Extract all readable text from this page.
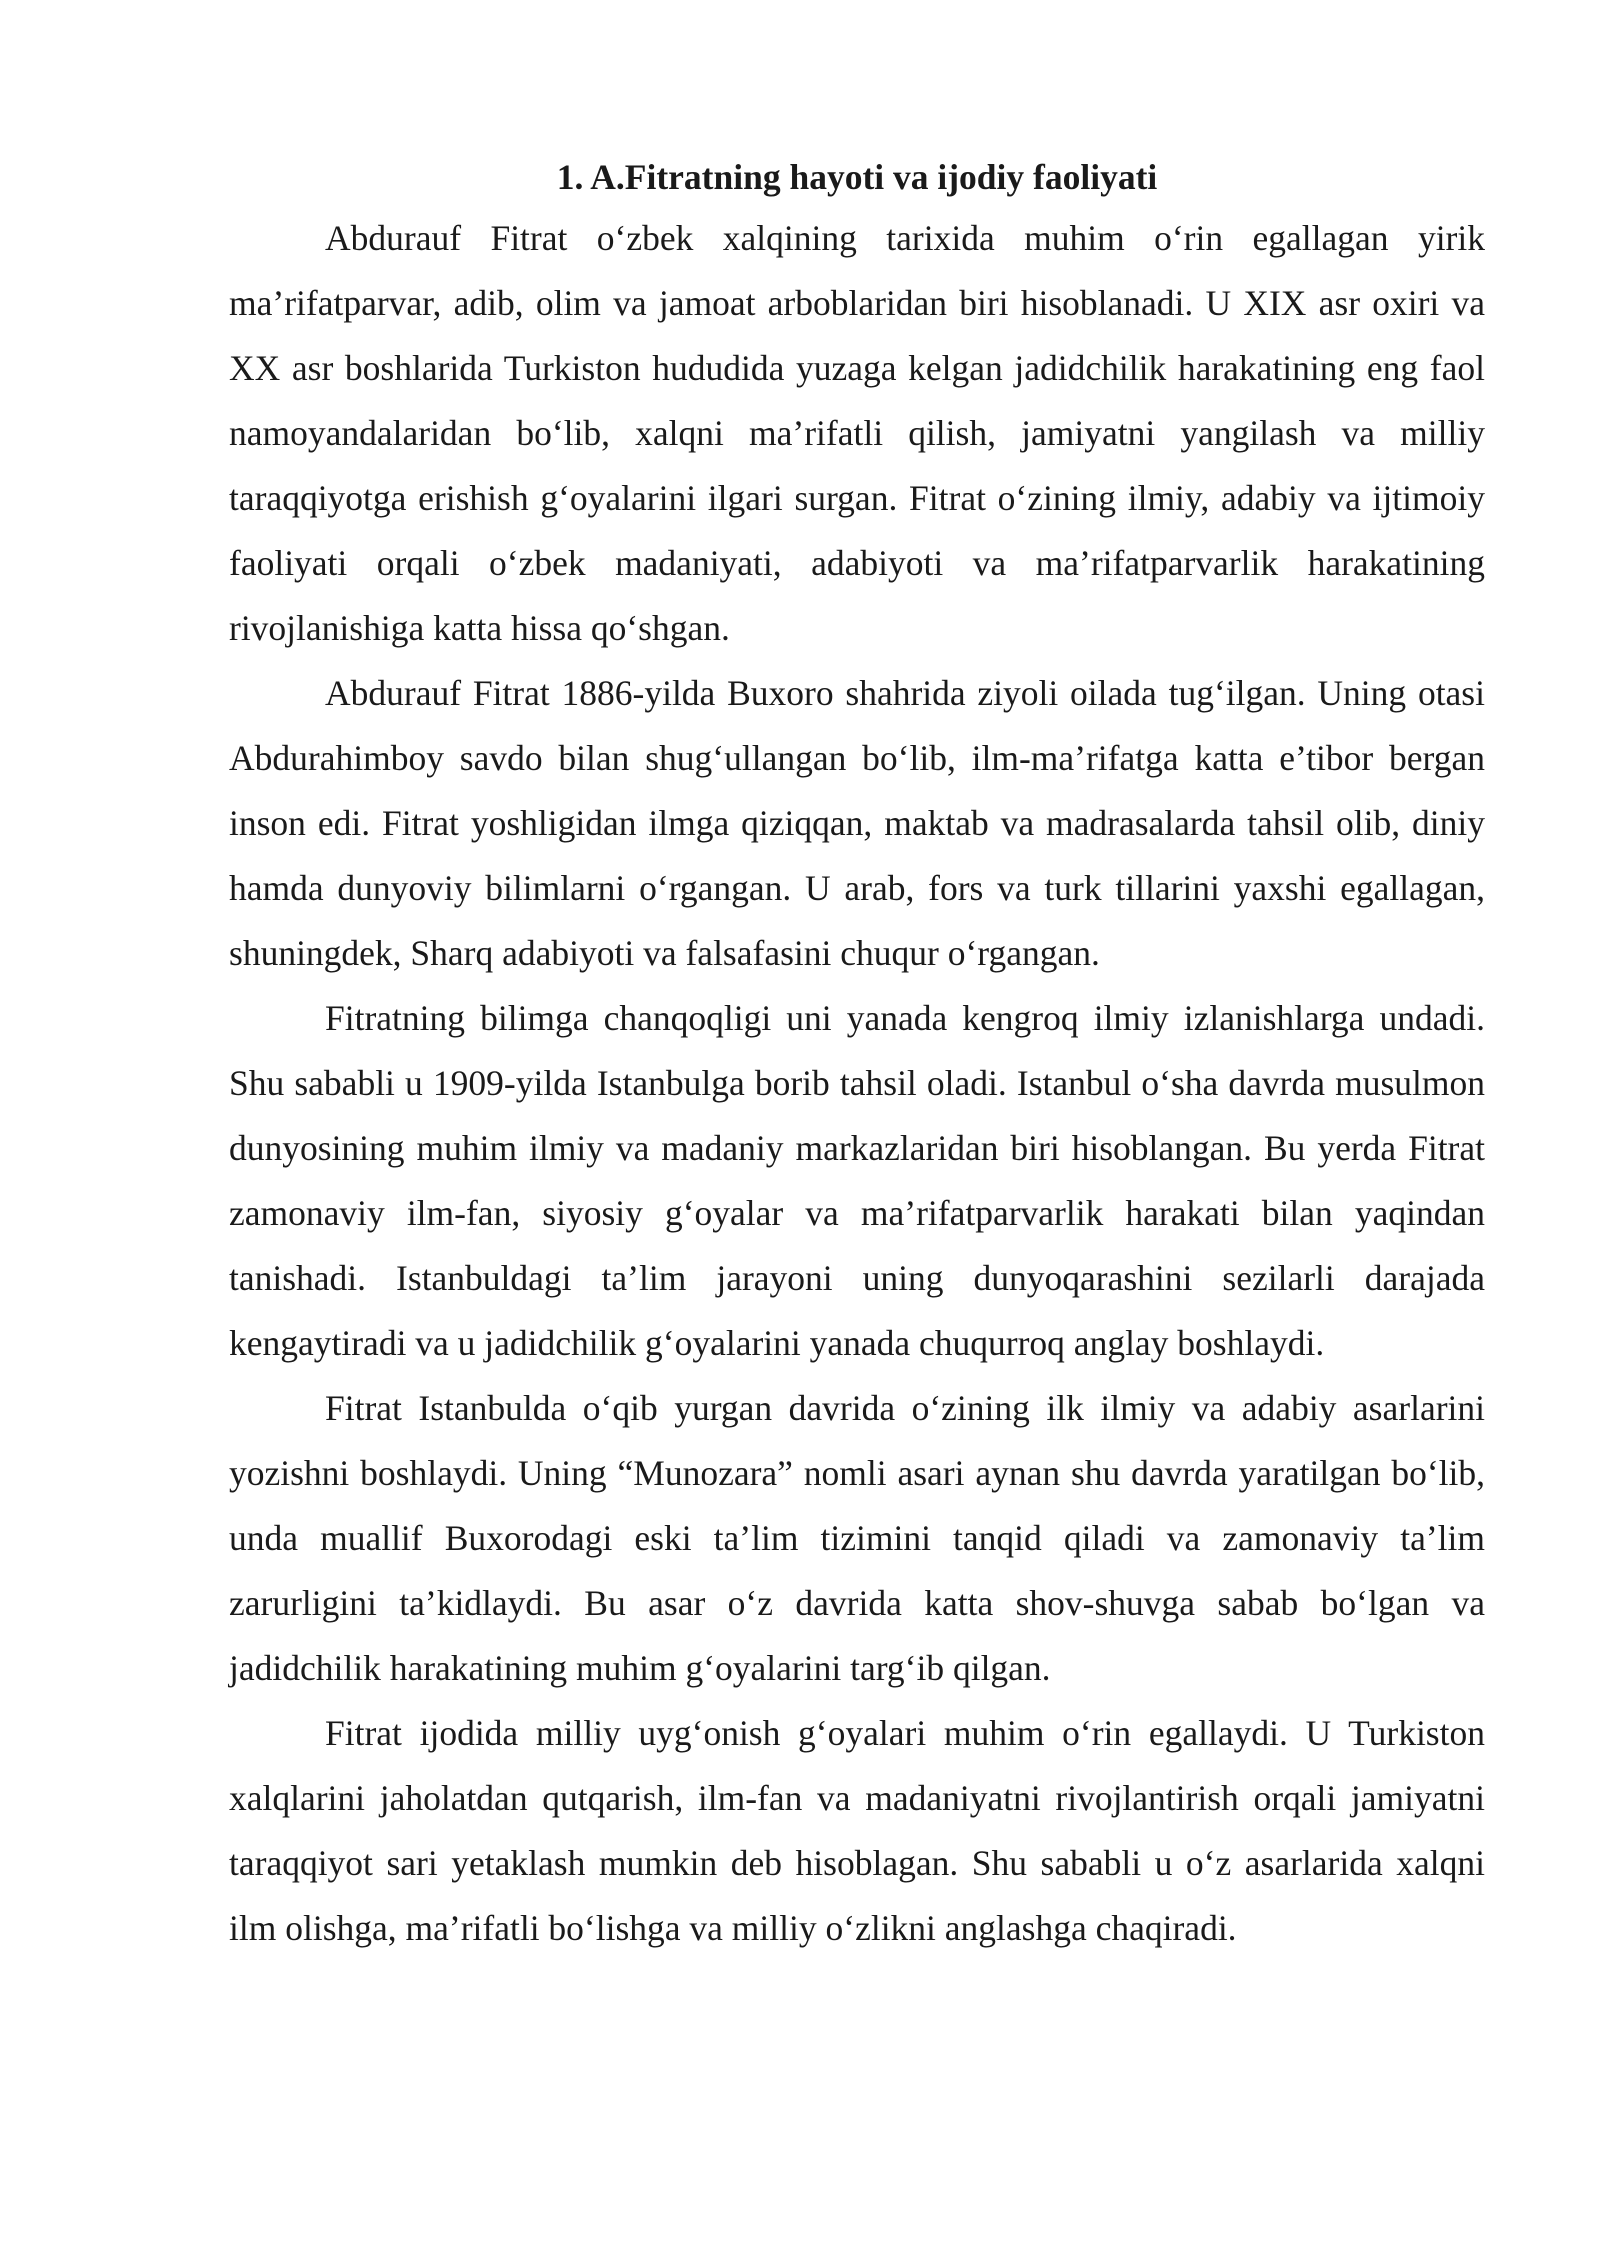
1. A.Fitratning hayoti va ijodiy faoliyati

Abdurauf Fitrat o‘zbek xalqining tarixida muhim o‘rin egallagan yirik ma’rifatparvar, adib, olim va jamoat arboblaridan biri hisoblanadi. U XIX asr oxiri va XX asr boshlarida Turkiston hududida yuzaga kelgan jadidchilik harakatining eng faol namoyandalaridan bo‘lib, xalqni ma’rifatli qilish, jamiyatni yangilash va milliy taraqqiyotga erishish g‘oyalarini ilgari surgan. Fitrat o‘zining ilmiy, adabiy va ijtimoiy faoliyati orqali o‘zbek madaniyati, adabiyoti va ma’rifatparvarlik harakatining rivojlanishiga katta hissa qo‘shgan.

Abdurauf Fitrat 1886-yilda Buxoro shahrida ziyoli oilada tug‘ilgan. Uning otasi Abdurahimboy savdo bilan shug‘ullangan bo‘lib, ilm-ma’rifatga katta e’tibor bergan inson edi. Fitrat yoshligidan ilmga qiziqqan, maktab va madrasalarda tahsil olib, diniy hamda dunyoviy bilimlarni o‘rgangan. U arab, fors va turk tillarini yaxshi egallagan, shuningdek, Sharq adabiyoti va falsafasini chuqur o‘rgangan.

Fitratning bilimga chanqoqligi uni yanada kengroq ilmiy izlanishlarga undadi. Shu sababli u 1909-yilda Istanbulga borib tahsil oladi. Istanbul o‘sha davrda musulmon dunyosining muhim ilmiy va madaniy markazlaridan biri hisoblangan. Bu yerda Fitrat zamonaviy ilm-fan, siyosiy g‘oyalar va ma’rifatparvarlik harakati bilan yaqindan tanishadi. Istanbuldagi ta’lim jarayoni uning dunyoqarashini sezilarli darajada kengaytiradi va u jadidchilik g‘oyalarini yanada chuqurroq anglay boshlaydi.

Fitrat Istanbulda o‘qib yurgan davrida o‘zining ilk ilmiy va adabiy asarlarini yozishni boshlaydi. Uning “Munozara” nomli asari aynan shu davrda yaratilgan bo‘lib, unda muallif Buxorodagi eski ta’lim tizimini tanqid qiladi va zamonaviy ta’lim zarurligini ta’kidlaydi. Bu asar o‘z davrida katta shov-shuvga sabab bo‘lgan va jadidchilik harakatining muhim g‘oyalarini targ‘ib qilgan.

Fitrat ijodida milliy uyg‘onish g‘oyalari muhim o‘rin egallaydi. U Turkiston xalqlarini jaholatdan qutqarish, ilm-fan va madaniyatni rivojlantirish orqali jamiyatni taraqqiyot sari yetaklash mumkin deb hisoblagan. Shu sababli u o‘z asarlarida xalqni ilm olishga, ma’rifatli bo‘lishga va milliy o‘zlikni anglashga chaqiradi.
